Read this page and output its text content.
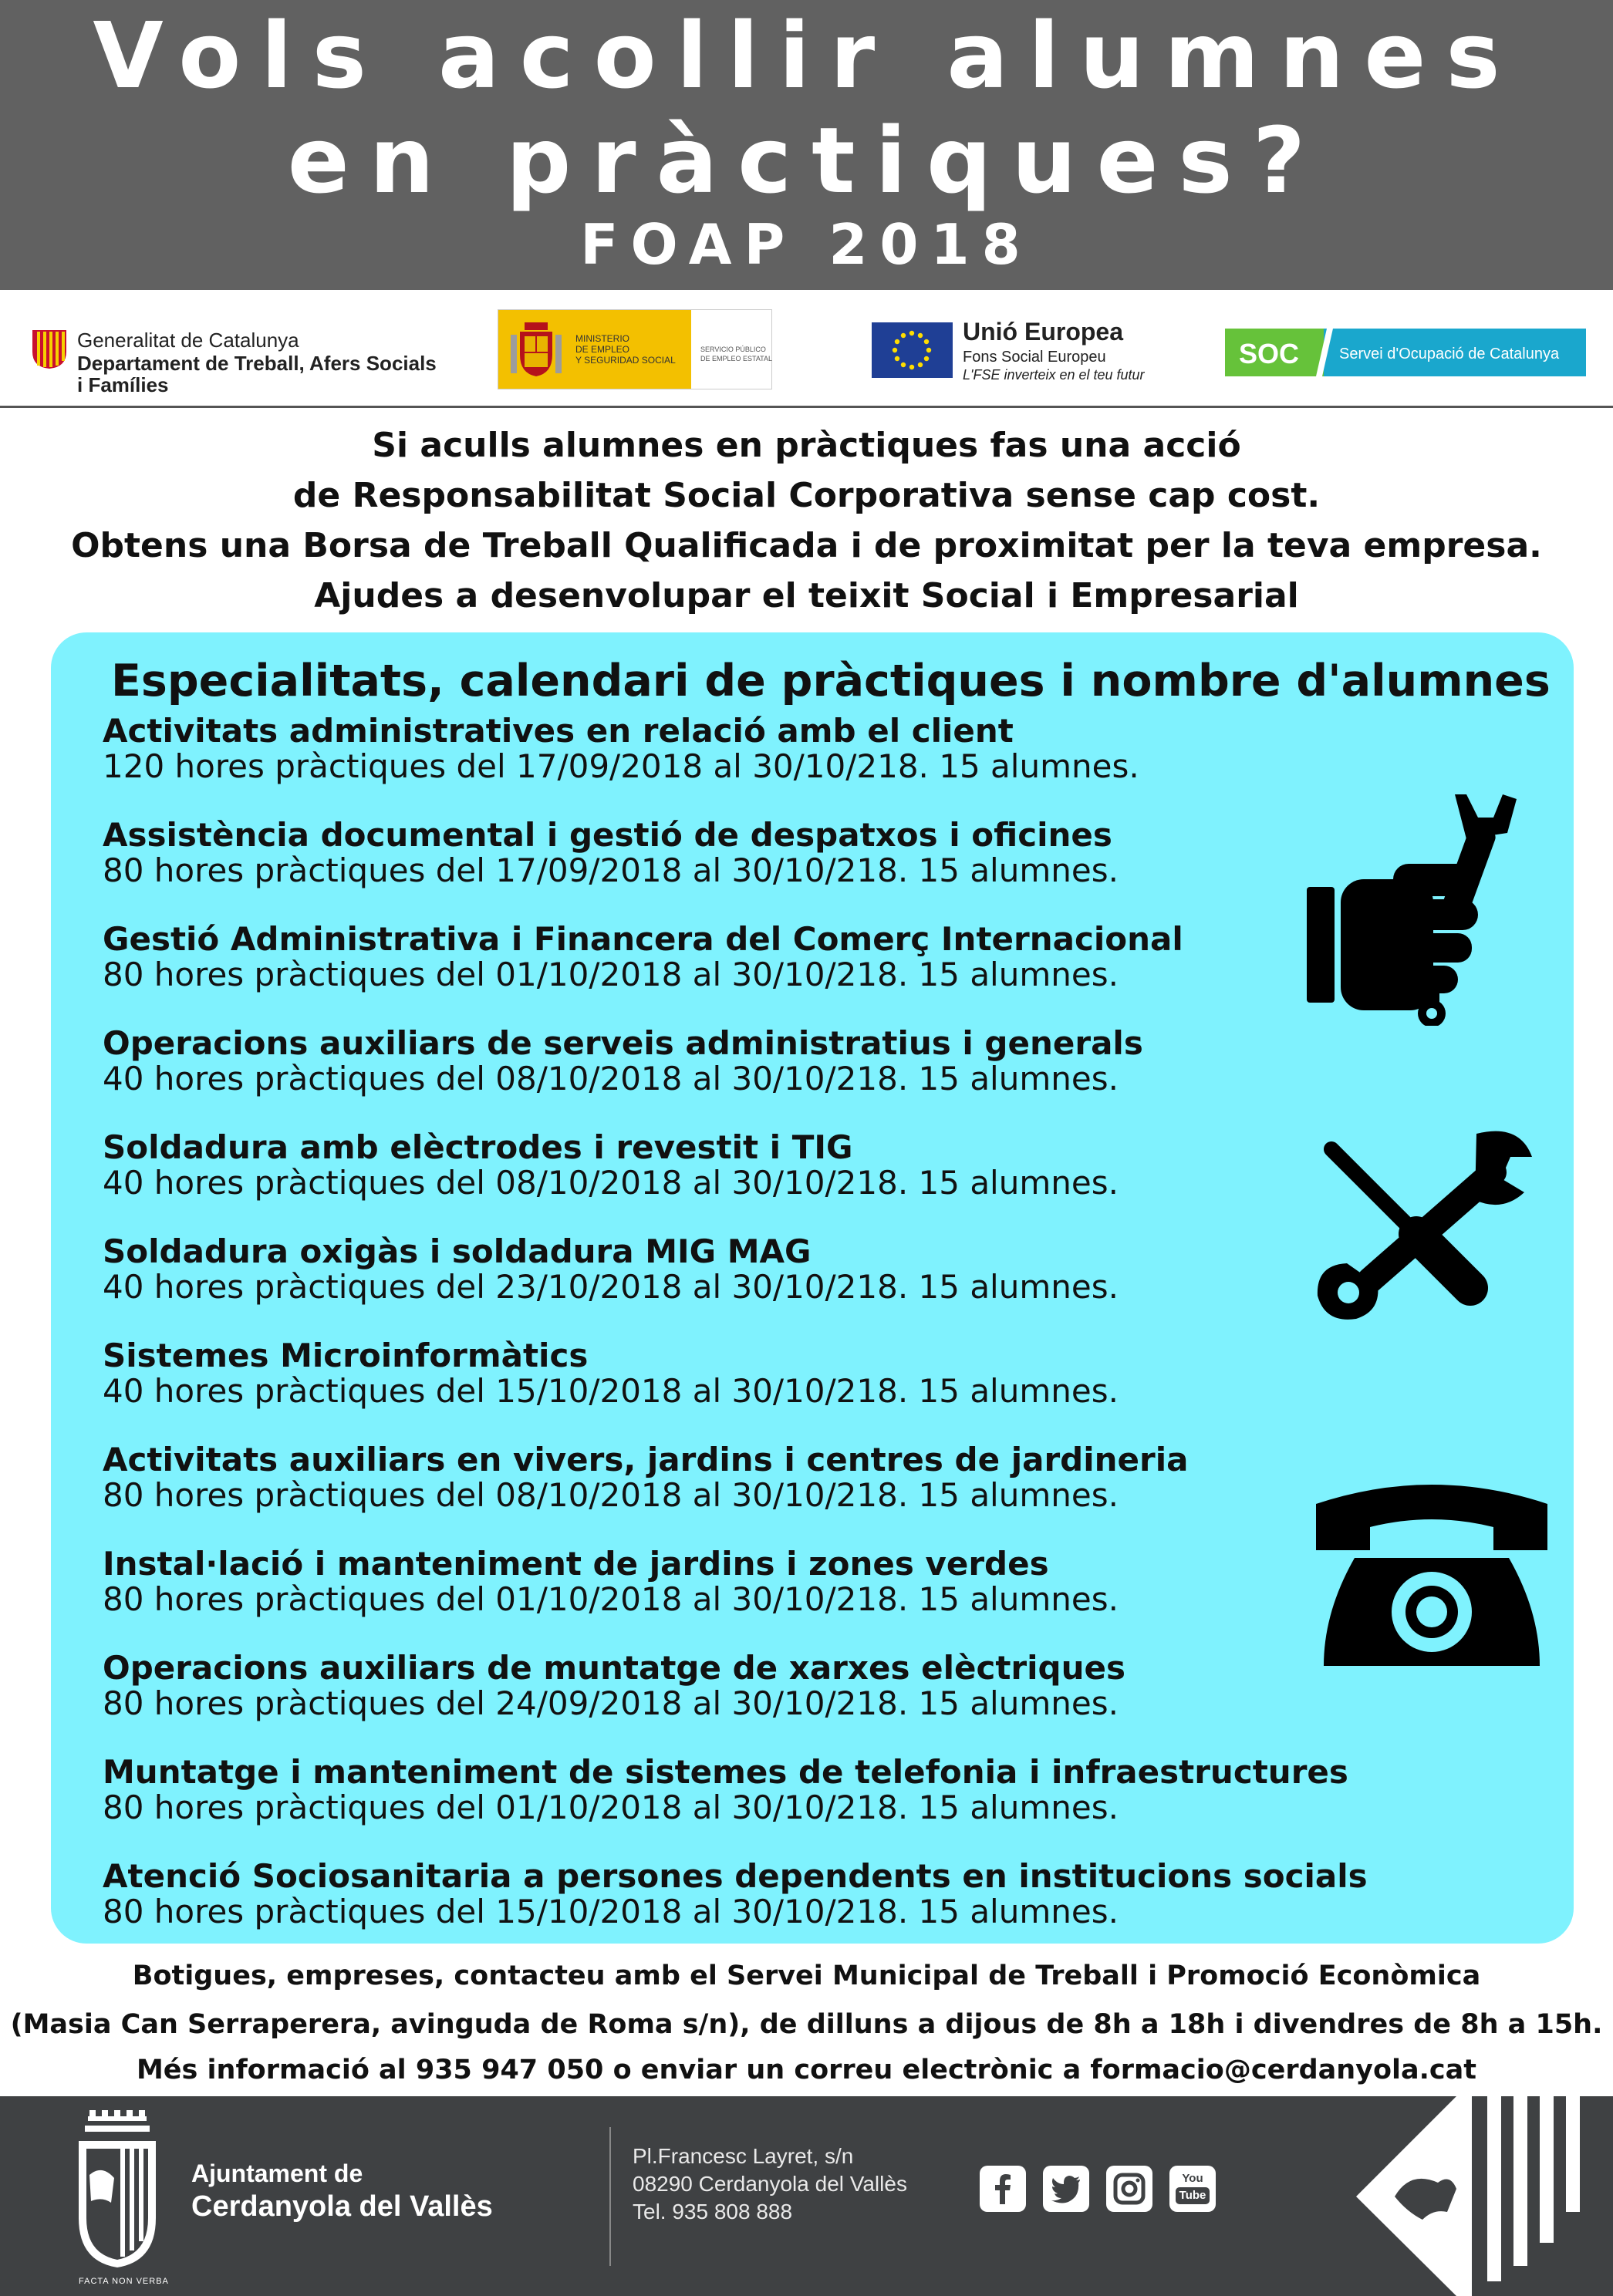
Vols acollir alumnes
en pràctiques?
FOAP 2018
Generalitat de Catalunya
Departament de Treball, Afers Socials
i Famílies
MINISTERIO
DE EMPLEO
Y SEGURIDAD SOCIAL
SERVICIO PÚBLICO
DE EMPLEO ESTATAL
Unió Europea
Fons Social Europeu
L'FSE inverteix en el teu futur
SOC	Servei d'Ocupació de Catalunya
Si aculls alumnes en pràctiques fas una acció
de Responsabilitat Social Corporativa sense cap cost.
Obtens una Borsa de Treball Qualificada i de proximitat per la teva empresa.
Ajudes a desenvolupar el teixit Social i Empresarial
Especialitats, calendari de pràctiques i nombre d'alumnes
Activitats administratives en relació amb el client
120 hores pràctiques del 17/09/2018 al 30/10/218. 15 alumnes.
Assistència documental i gestió de despatxos i oficines
80 hores pràctiques del 17/09/2018 al 30/10/218. 15 alumnes.
Gestió Administrativa i Financera del Comerç Internacional
80 hores pràctiques del 01/10/2018 al 30/10/218. 15 alumnes.
Operacions auxiliars de serveis administratius i generals
40 hores pràctiques del 08/10/2018 al 30/10/218. 15 alumnes.
Soldadura amb elèctrodes i revestit i TIG
40 hores pràctiques del 08/10/2018 al 30/10/218. 15 alumnes.
Soldadura oxigàs i soldadura MIG MAG
40 hores pràctiques del 23/10/2018 al 30/10/218. 15 alumnes.
Sistemes Microinformàtics
40 hores pràctiques del 15/10/2018 al 30/10/218. 15 alumnes.
Activitats auxiliars en vivers, jardins i centres de jardineria
80 hores pràctiques del 08/10/2018 al 30/10/218. 15 alumnes.
Instal·lació i manteniment de jardins i zones verdes
80 hores pràctiques del 01/10/2018 al 30/10/218. 15 alumnes.
Operacions auxiliars de muntatge de xarxes elèctriques
80 hores pràctiques del 24/09/2018 al 30/10/218. 15 alumnes.
Muntatge i manteniment de sistemes de telefonia i infraestructures
80 hores pràctiques del 01/10/2018 al 30/10/218. 15 alumnes.
Atenció Sociosanitaria a persones dependents en institucions socials
80 hores pràctiques del 15/10/2018 al 30/10/218. 15 alumnes.
Botigues, empreses, contacteu amb el Servei Municipal de Treball i Promoció Econòmica
(Masia Can Serraperera, avinguda de Roma s/n), de dilluns a dijous de 8h a 18h i divendres de 8h a 15h.
Més informació al 935 947 050 o enviar un correu electrònic a formacio@cerdanyola.cat
Ajuntament de
Cerdanyola del Vallès
FACTA NON VERBA
Pl.Francesc Layret, s/n
08290 Cerdanyola del Vallès
Tel. 935 808 888
You
Tube
